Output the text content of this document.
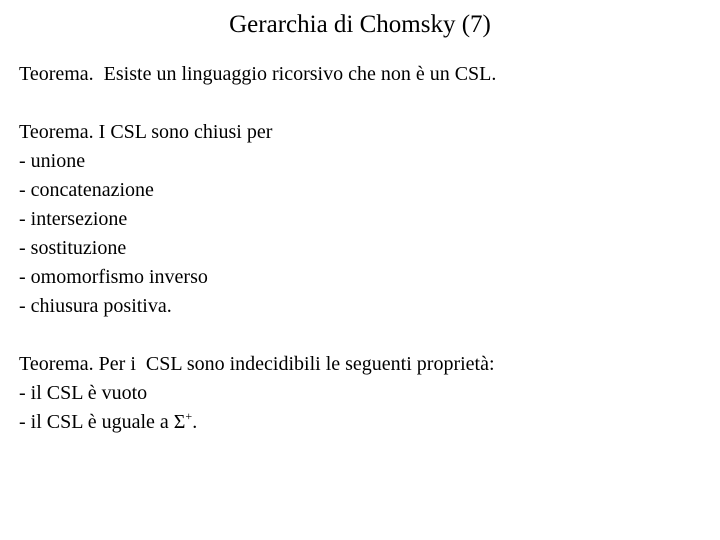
Gerarchia di Chomsky (7)
Teorema. Esiste un linguaggio ricorsivo che non è un CSL.
Teorema. I CSL sono chiusi per
- unione
- concatenazione
- intersezione
- sostituzione
- omomorfismo inverso
- chiusura positiva.
Teorema. Per i  CSL sono indecidibili le seguenti proprietà:
- il CSL è vuoto
- il CSL è uguale a Σ+.
